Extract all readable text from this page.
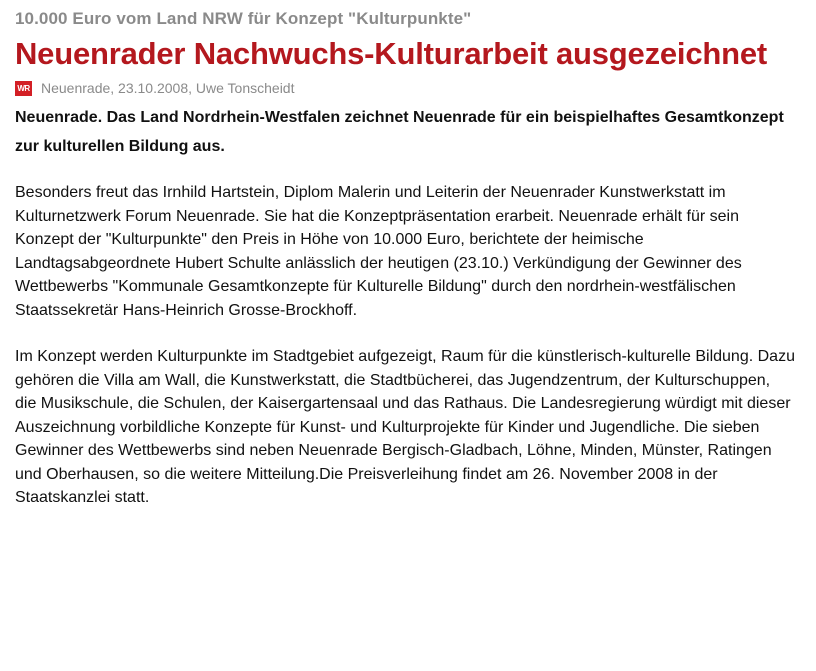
10.000 Euro vom Land NRW für Konzept "Kulturpunkte"

Neuenrader Nachwuchs-Kulturarbeit ausgezeichnet
WR Neuenrade, 23.10.2008, Uwe Tonscheidt

Neuenrade. Das Land Nordrhein-Westfalen zeichnet Neuenrade für ein beispielhaftes Gesamtkonzept zur kulturellen Bildung aus.

Besonders freut das Irnhild Hartstein, Diplom Malerin und Leiterin der Neuenrader Kunstwerkstatt im Kulturnetzwerk Forum Neuenrade. Sie hat die Konzeptpräsentation erarbeit. Neuenrade erhält für sein Konzept der "Kulturpunkte" den Preis in Höhe von 10.000 Euro, berichtete der heimische Landtagsabgeordnete Hubert Schulte anlässlich der heutigen (23.10.) Verkündigung der Gewinner des Wettbewerbs "Kommunale Gesamtkonzepte für Kulturelle Bildung" durch den nordrhein-westfälischen Staatssekretär Hans-Heinrich Grosse-Brockhoff.

Im Konzept werden Kulturpunkte im Stadtgebiet aufgezeigt, Raum für die künstlerisch-kulturelle Bildung. Dazu gehören die Villa am Wall, die Kunstwerkstatt, die Stadtbücherei, das Jugendzentrum, der Kulturschuppen, die Musikschule, die Schulen, der Kaisergartensaal und das Rathaus. Die Landesregierung würdigt mit dieser Auszeichnung vorbildliche Konzepte für Kunst- und Kulturprojekte für Kinder und Jugendliche. Die sieben Gewinner des Wettbewerbs sind neben Neuenrade Bergisch-Gladbach, Löhne, Minden, Münster, Ratingen und Oberhausen, so die weitere Mitteilung.Die Preisverleihung findet am 26. November 2008 in der Staatskanzlei statt.
